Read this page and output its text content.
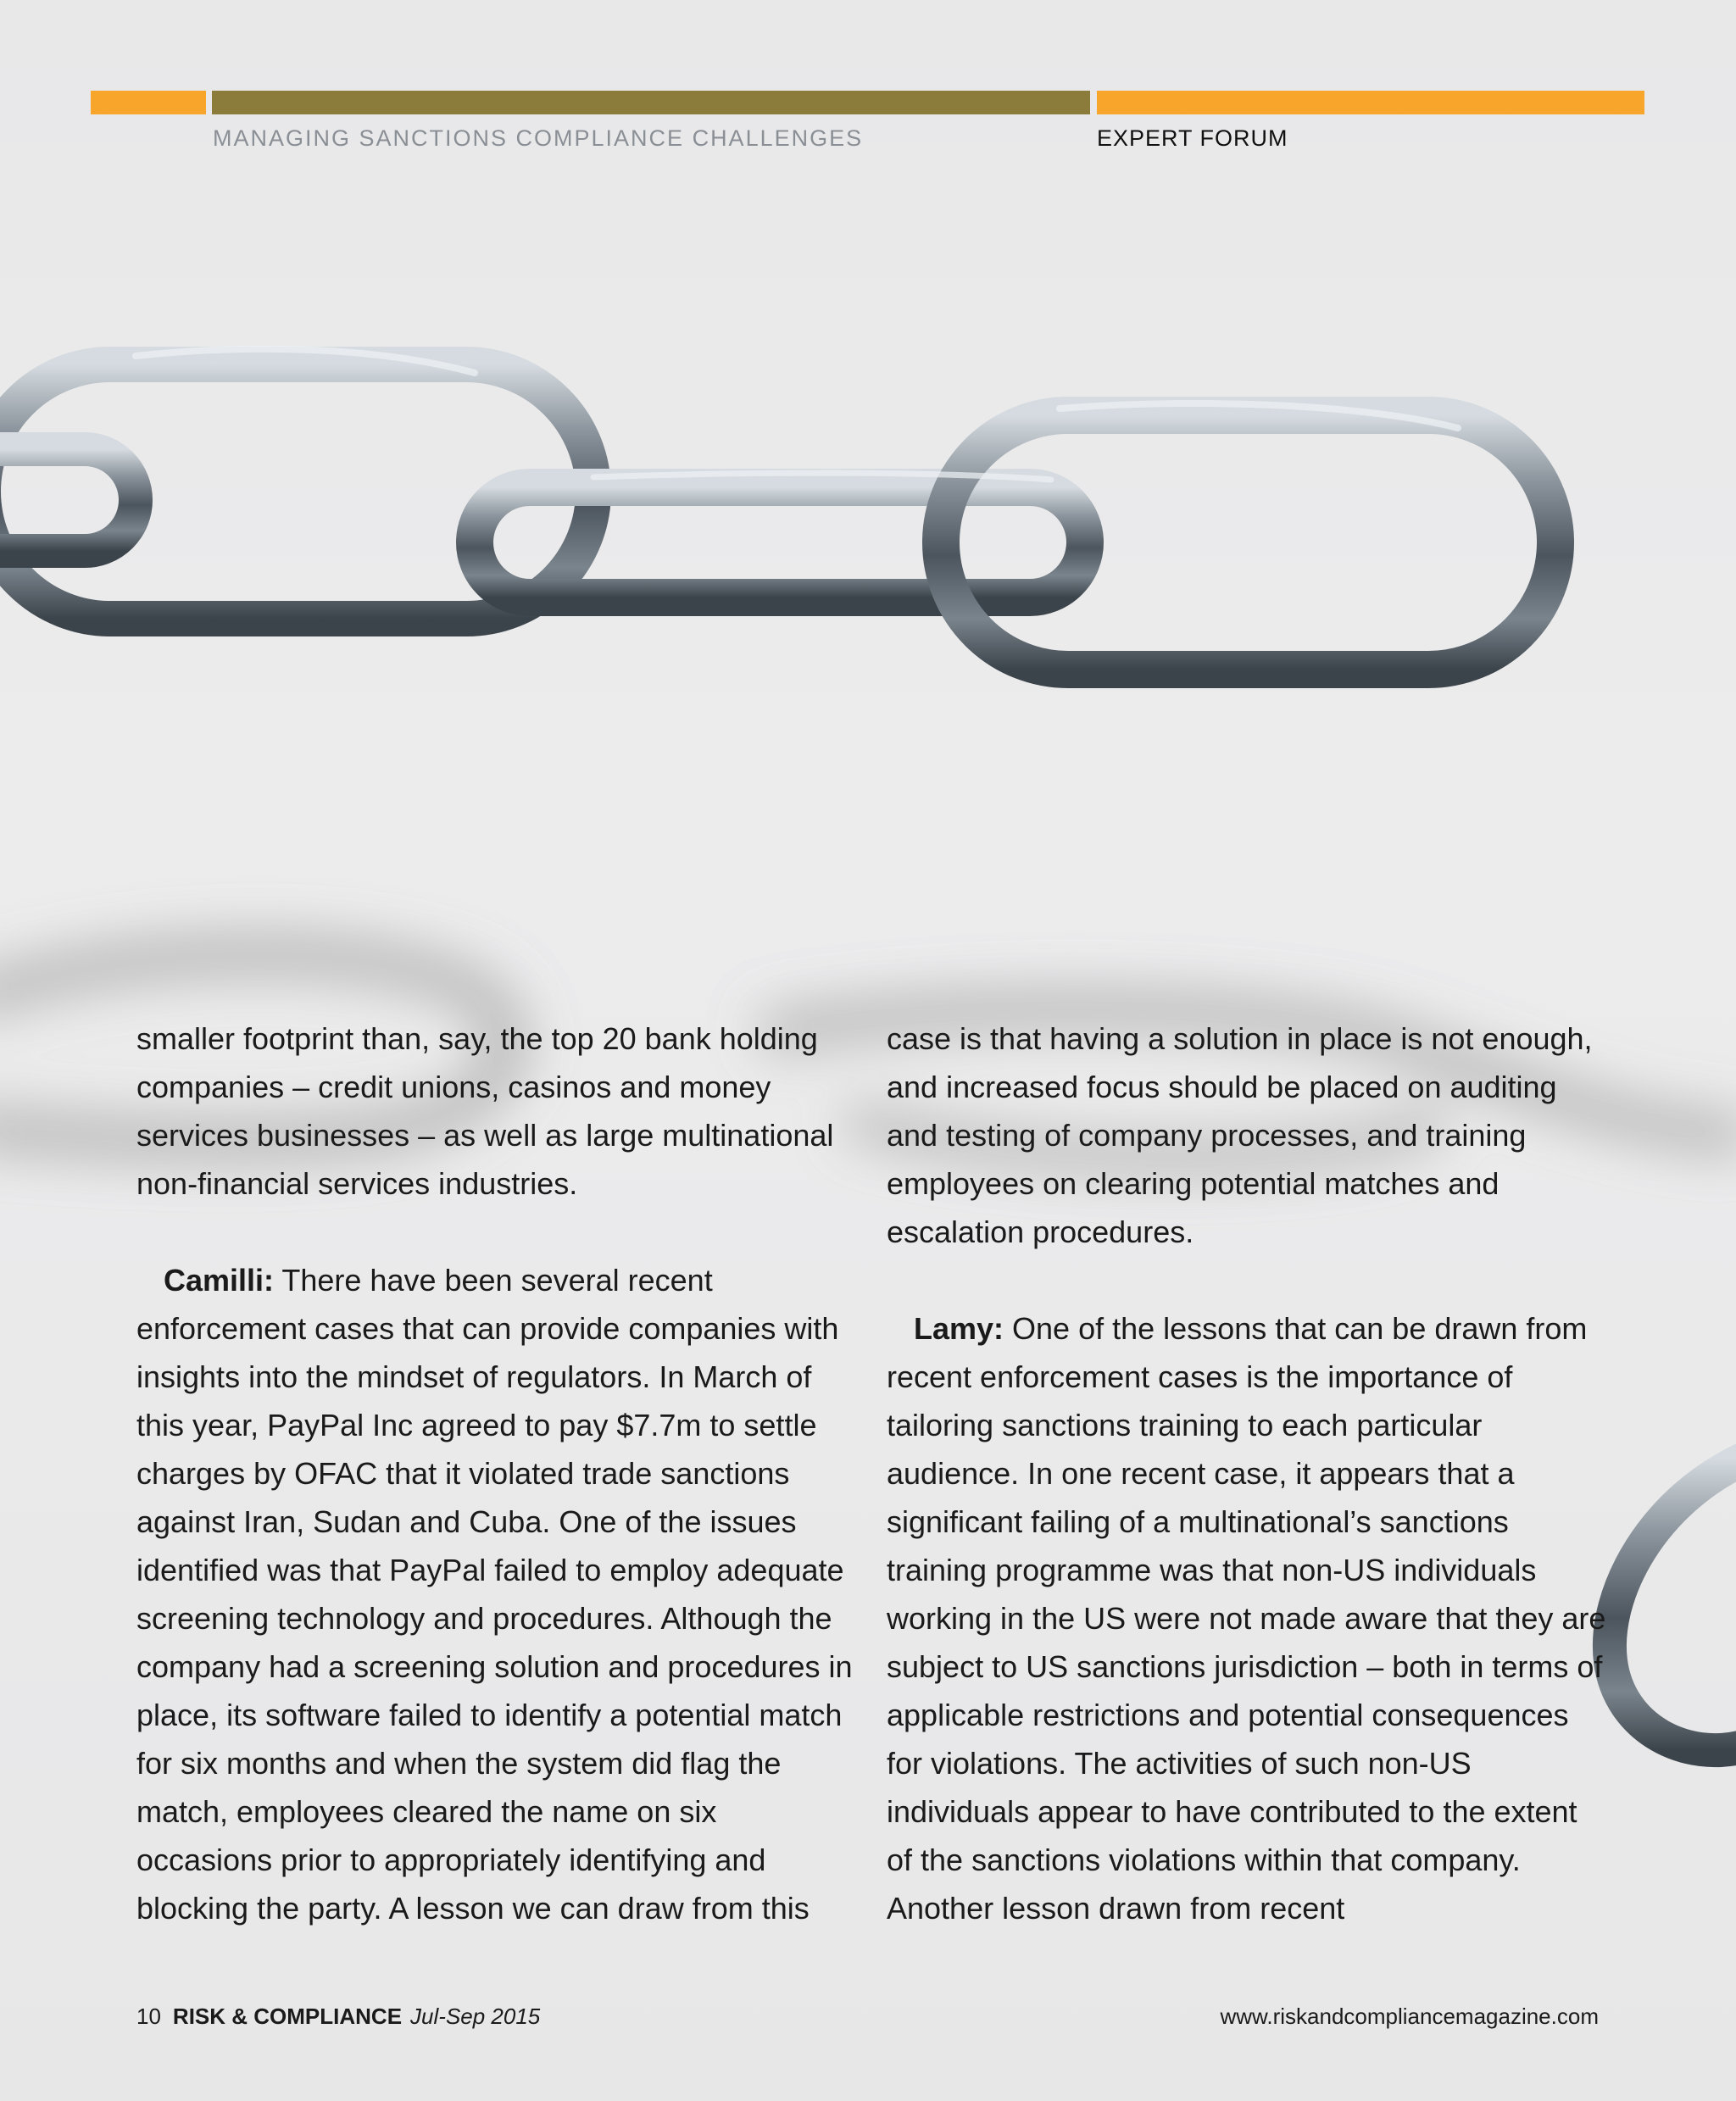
MANAGING SANCTIONS COMPLIANCE CHALLENGES	EXPERT FORUM

smaller footprint than, say, the top 20 bank holding companies – credit unions, casinos and money services businesses – as well as large multinational non-financial services industries.

Camilli: There have been several recent enforcement cases that can provide companies with insights into the mindset of regulators. In March of this year, PayPal Inc agreed to pay $7.7m to settle charges by OFAC that it violated trade sanctions against Iran, Sudan and Cuba. One of the issues identified was that PayPal failed to employ adequate screening technology and procedures. Although the company had a screening solution and procedures in place, its software failed to identify a potential match for six months and when the system did flag the match, employees cleared the name on six occasions prior to appropriately identifying and blocking the party. A lesson we can draw from this

case is that having a solution in place is not enough, and increased focus should be placed on auditing and testing of company processes, and training employees on clearing potential matches and escalation procedures.

Lamy: One of the lessons that can be drawn from recent enforcement cases is the importance of tailoring sanctions training to each particular audience. In one recent case, it appears that a significant failing of a multinational’s sanctions training programme was that non-US individuals working in the US were not made aware that they are subject to US sanctions jurisdiction – both in terms of applicable restrictions and potential consequences for violations. The activities of such non-US individuals appear to have contributed to the extent of the sanctions violations within that company. Another lesson drawn from recent

10 RISK & COMPLIANCE Jul-Sep 2015	www.riskandcompliancemagazine.com
